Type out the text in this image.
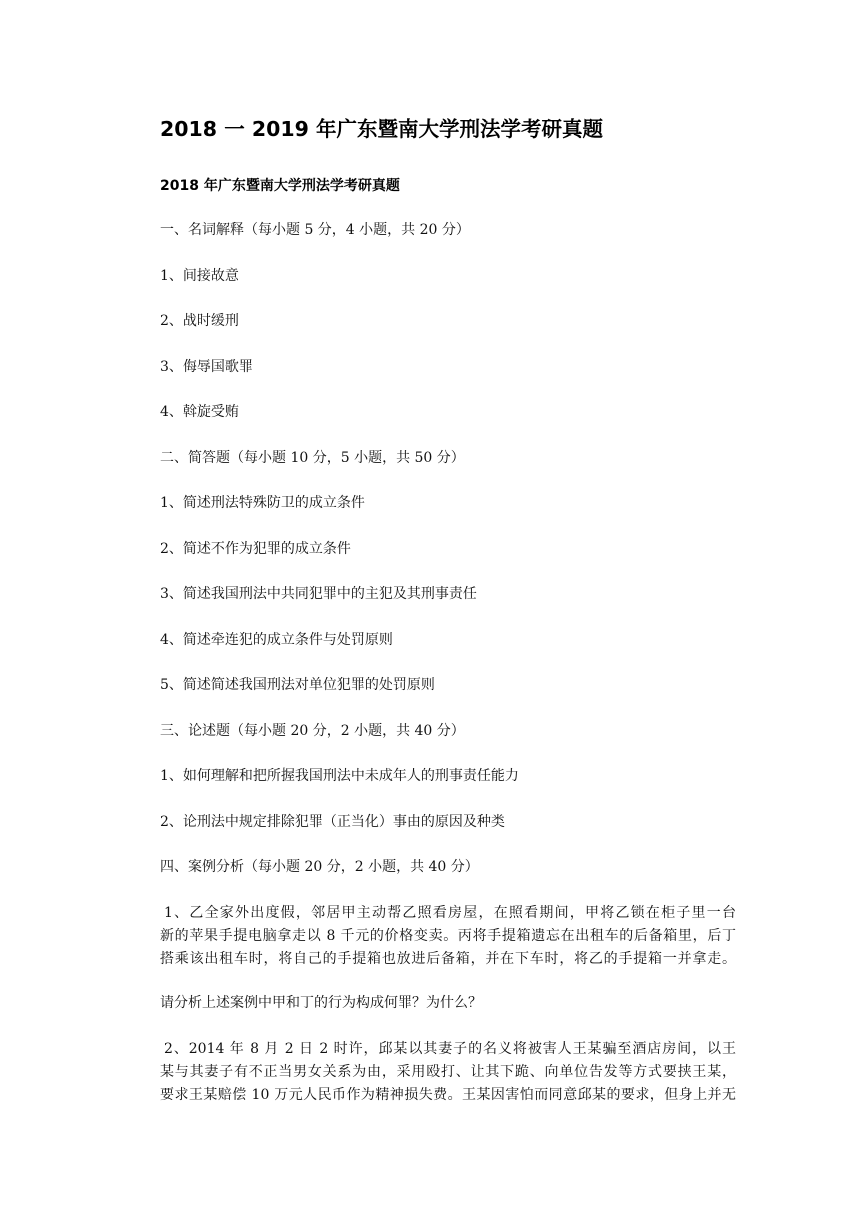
2018 一 2019 年广东暨南大学刑法学考研真题
2018 年广东暨南大学刑法学考研真题
一、名词解释（每小题 5 分，4 小题，共 20 分）
1、间接故意
2、战时缓刑
3、侮辱国歌罪
4、斡旋受贿
二、简答题（每小题 10 分，5 小题，共 50 分）
1、简述刑法特殊防卫的成立条件
2、简述不作为犯罪的成立条件
3、简述我国刑法中共同犯罪中的主犯及其刑事责任
4、简述牵连犯的成立条件与处罚原则
5、简述简述我国刑法对单位犯罪的处罚原则
三、论述题（每小题 20 分，2 小题，共 40 分）
1、如何理解和把所握我国刑法中未成年人的刑事责任能力
2、论刑法中规定排除犯罪（正当化）事由的原因及种类
四、案例分析（每小题 20 分，2 小题，共 40 分）
1、乙全家外出度假，邻居甲主动帮乙照看房屋，在照看期间，甲将乙锁在柜子里一台
新的苹果手提电脑拿走以 8 千元的价格变卖。丙将手提箱遗忘在出租车的后备箱里，后丁
搭乘该出租车时，将自己的手提箱也放进后备箱，并在下车时，将乙的手提箱一并拿走。
请分析上述案例中甲和丁的行为构成何罪？为什么？
2、2014 年 8 月 2 日 2 时许，邱某以其妻子的名义将被害人王某骗至酒店房间，以王
某与其妻子有不正当男女关系为由，采用殴打、让其下跪、向单位告发等方式要挟王某，
要求王某赔偿 10 万元人民币作为精神损失费。王某因害怕而同意邱某的要求，但身上并无
